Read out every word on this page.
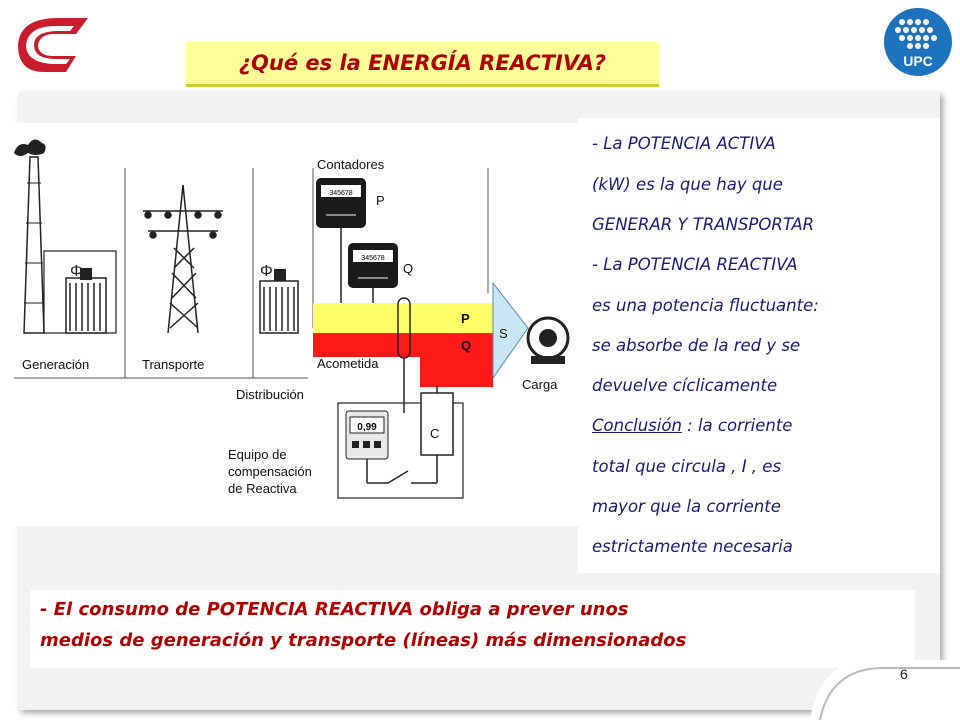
UPC
¿Qué es la ENERGÍA REACTIVA?
Φ	Φ
345678
345678
0,99
Generación	Transporte
Distribución
Contadores
P
Q
P
Q
Acometida
S
Carga
C
Equipo de
compensación
de Reactiva
- La POTENCIA ACTIVA
(kW) es la que hay que
GENERAR Y TRANSPORTAR
- La POTENCIA REACTIVA
es una potencia fluctuante:
se absorbe de la red y se
devuelve cíclicamente
Conclusión : la corriente
total que circula , I , es
mayor que la corriente
estrictamente necesaria
- El consumo de POTENCIA REACTIVA obliga a prever unos
medios de generación y transporte (líneas) más dimensionados
6
